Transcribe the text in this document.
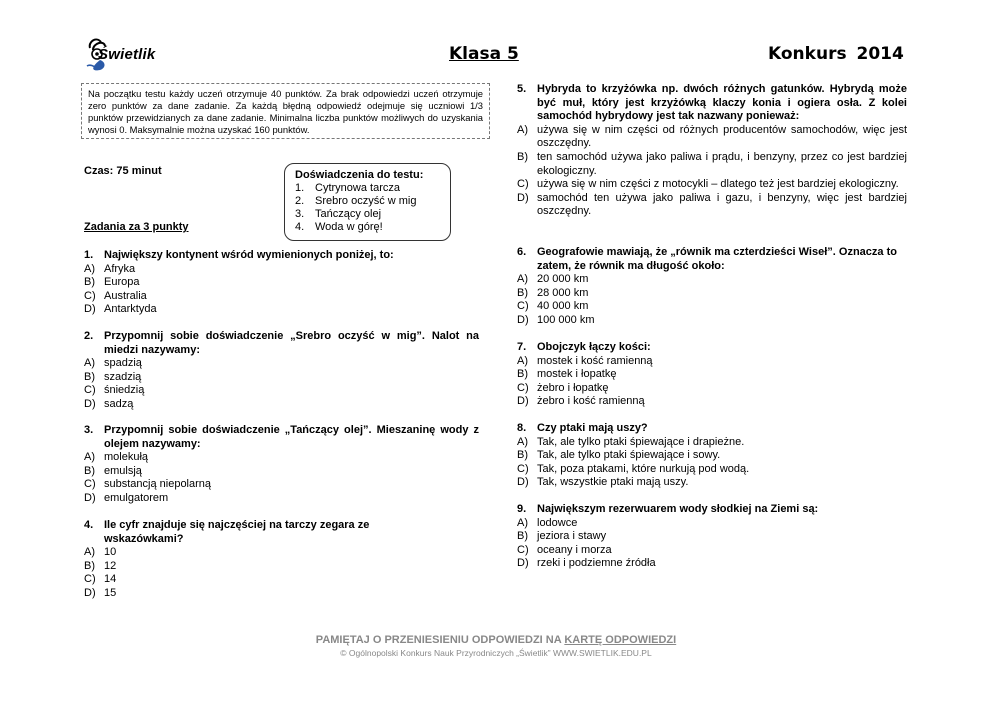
Świetlik	Klasa 5	Konkurs 2014
Na początku testu każdy uczeń otrzymuje 40 punktów. Za brak odpowiedzi uczeń otrzymuje zero punktów za dane zadanie. Za każdą błędną odpowiedź odejmuje się uczniowi 1/3 punktów przewidzianych za dane zadanie. Minimalna liczba punktów możliwych do uzyskania wynosi 0. Maksymalnie można uzyskać 160 punktów.
Czas: 75 minut	Doświadczenia do testu:
1. Cytrynowa tarcza
2. Srebro oczyść w mig
3. Tańczący olej
4. Woda w górę!
Zadania za 3 punkty
1. Największy kontynent wśród wymienionych poniżej, to:
A) Afryka
B) Europa
C) Australia
D) Antarktyda
2. Przypomnij sobie doświadczenie „Srebro oczyść w mig”. Nalot na miedzi nazywamy:
A) spadzią
B) szadzią
C) śniedzią
D) sadzą
3. Przypomnij sobie doświadczenie „Tańczący olej”. Mieszaninę wody z olejem nazywamy:
A) molekułą
B) emulsją
C) substancją niepolarną
D) emulgatorem
4. Ile cyfr znajduje się najczęściej na tarczy zegara ze wskazówkami?
A) 10
B) 12
C) 14
D) 15
5. Hybryda to krzyżówka np. dwóch różnych gatunków. Hybrydą może być muł, który jest krzyżówką klaczy konia i ogiera osła. Z kolei samochód hybrydowy jest tak nazwany ponieważ:
A) używa się w nim części od różnych producentów samochodów, więc jest oszczędny.
B) ten samochód używa jako paliwa i prądu, i benzyny, przez co jest bardziej ekologiczny.
C) używa się w nim części z motocykli – dlatego też jest bardziej ekologiczny.
D) samochód ten używa jako paliwa i gazu, i benzyny, więc jest bardziej oszczędny.
6. Geografowie mawiają, że „równik ma czterdzieści Wiseł”. Oznacza to zatem, że równik ma długość około:
A) 20 000 km
B) 28 000 km
C) 40 000 km
D) 100 000 km
7. Obojczyk łączy kości:
A) mostek i kość ramienną
B) mostek i łopatkę
C) żebro i łopatkę
D) żebro i kość ramienną
8. Czy ptaki mają uszy?
A) Tak, ale tylko ptaki śpiewające i drapieżne.
B) Tak, ale tylko ptaki śpiewające i sowy.
C) Tak, poza ptakami, które nurkują pod wodą.
D) Tak, wszystkie ptaki mają uszy.
9. Największym rezerwuarem wody słodkiej na Ziemi są:
A) lodowce
B) jeziora i stawy
C) oceany i morza
D) rzeki i podziemne źródła
PAMIĘTAJ O PRZENIESIENIU ODPOWIEDZI NA KARTĘ ODPOWIEDZI
© Ogólnopolski Konkurs Nauk Przyrodniczych „Świetlik” WWW.SWIETLIK.EDU.PL
